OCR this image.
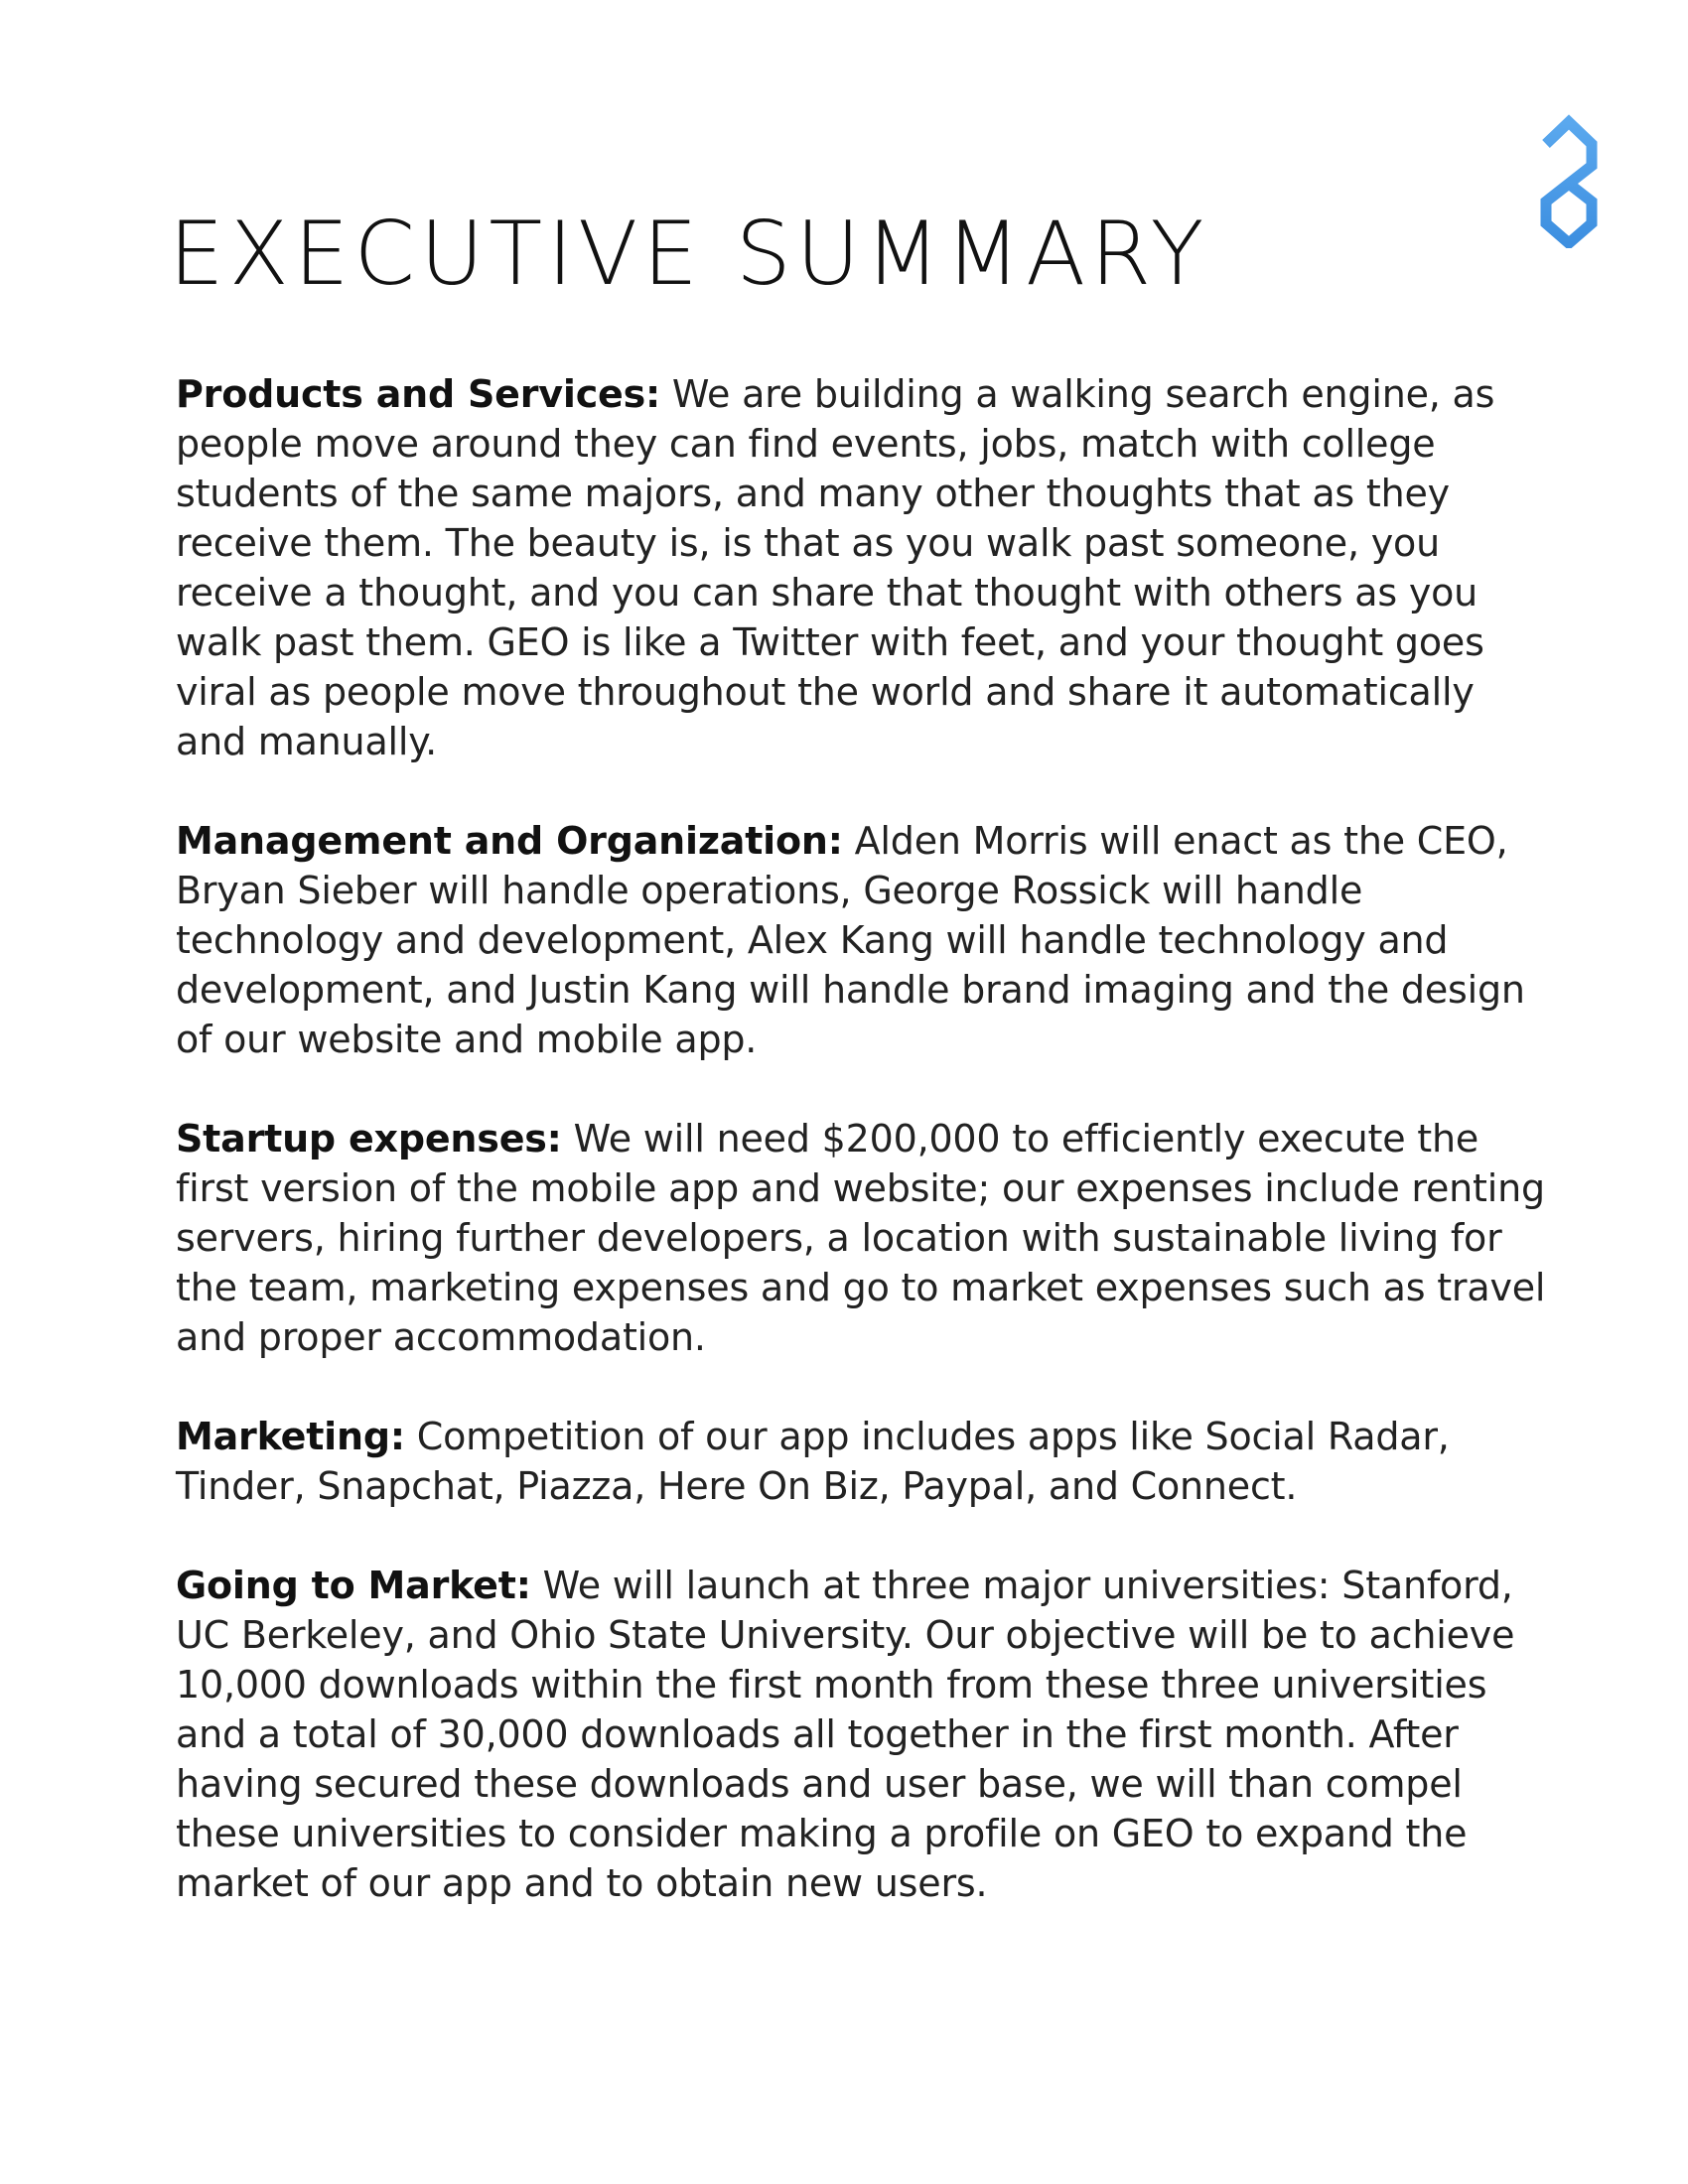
EXECUTIVE SUMMARY

Products and Services: We are building a walking search engine, as people move around they can find events, jobs, match with college students of the same majors, and many other thoughts that as they receive them. The beauty is, is that as you walk past someone, you receive a thought, and you can share that thought with others as you walk past them. GEO is like a Twitter with feet, and your thought goes viral as people move throughout the world and share it automatically and manually.

Management and Organization: Alden Morris will enact as the CEO, Bryan Sieber will handle operations, George Rossick will handle technology and development, Alex Kang will handle technology and development, and Justin Kang will handle brand imaging and the design of our website and mobile app.

Startup expenses: We will need $200,000 to efficiently execute the first version of the mobile app and website; our expenses include renting servers, hiring further developers, a location with sustainable living for the team, marketing expenses and go to market expenses such as travel and proper accommodation.

Marketing: Competition of our app includes apps like Social Radar, Tinder, Snapchat, Piazza, Here On Biz, Paypal, and Connect.

Going to Market: We will launch at three major universities: Stanford, UC Berkeley, and Ohio State University. Our objective will be to achieve 10,000 downloads within the first month from these three universities and a total of 30,000 downloads all together in the first month. After having secured these downloads and user base, we will than compel these universities to consider making a profile on GEO to expand the market of our app and to obtain new users.
